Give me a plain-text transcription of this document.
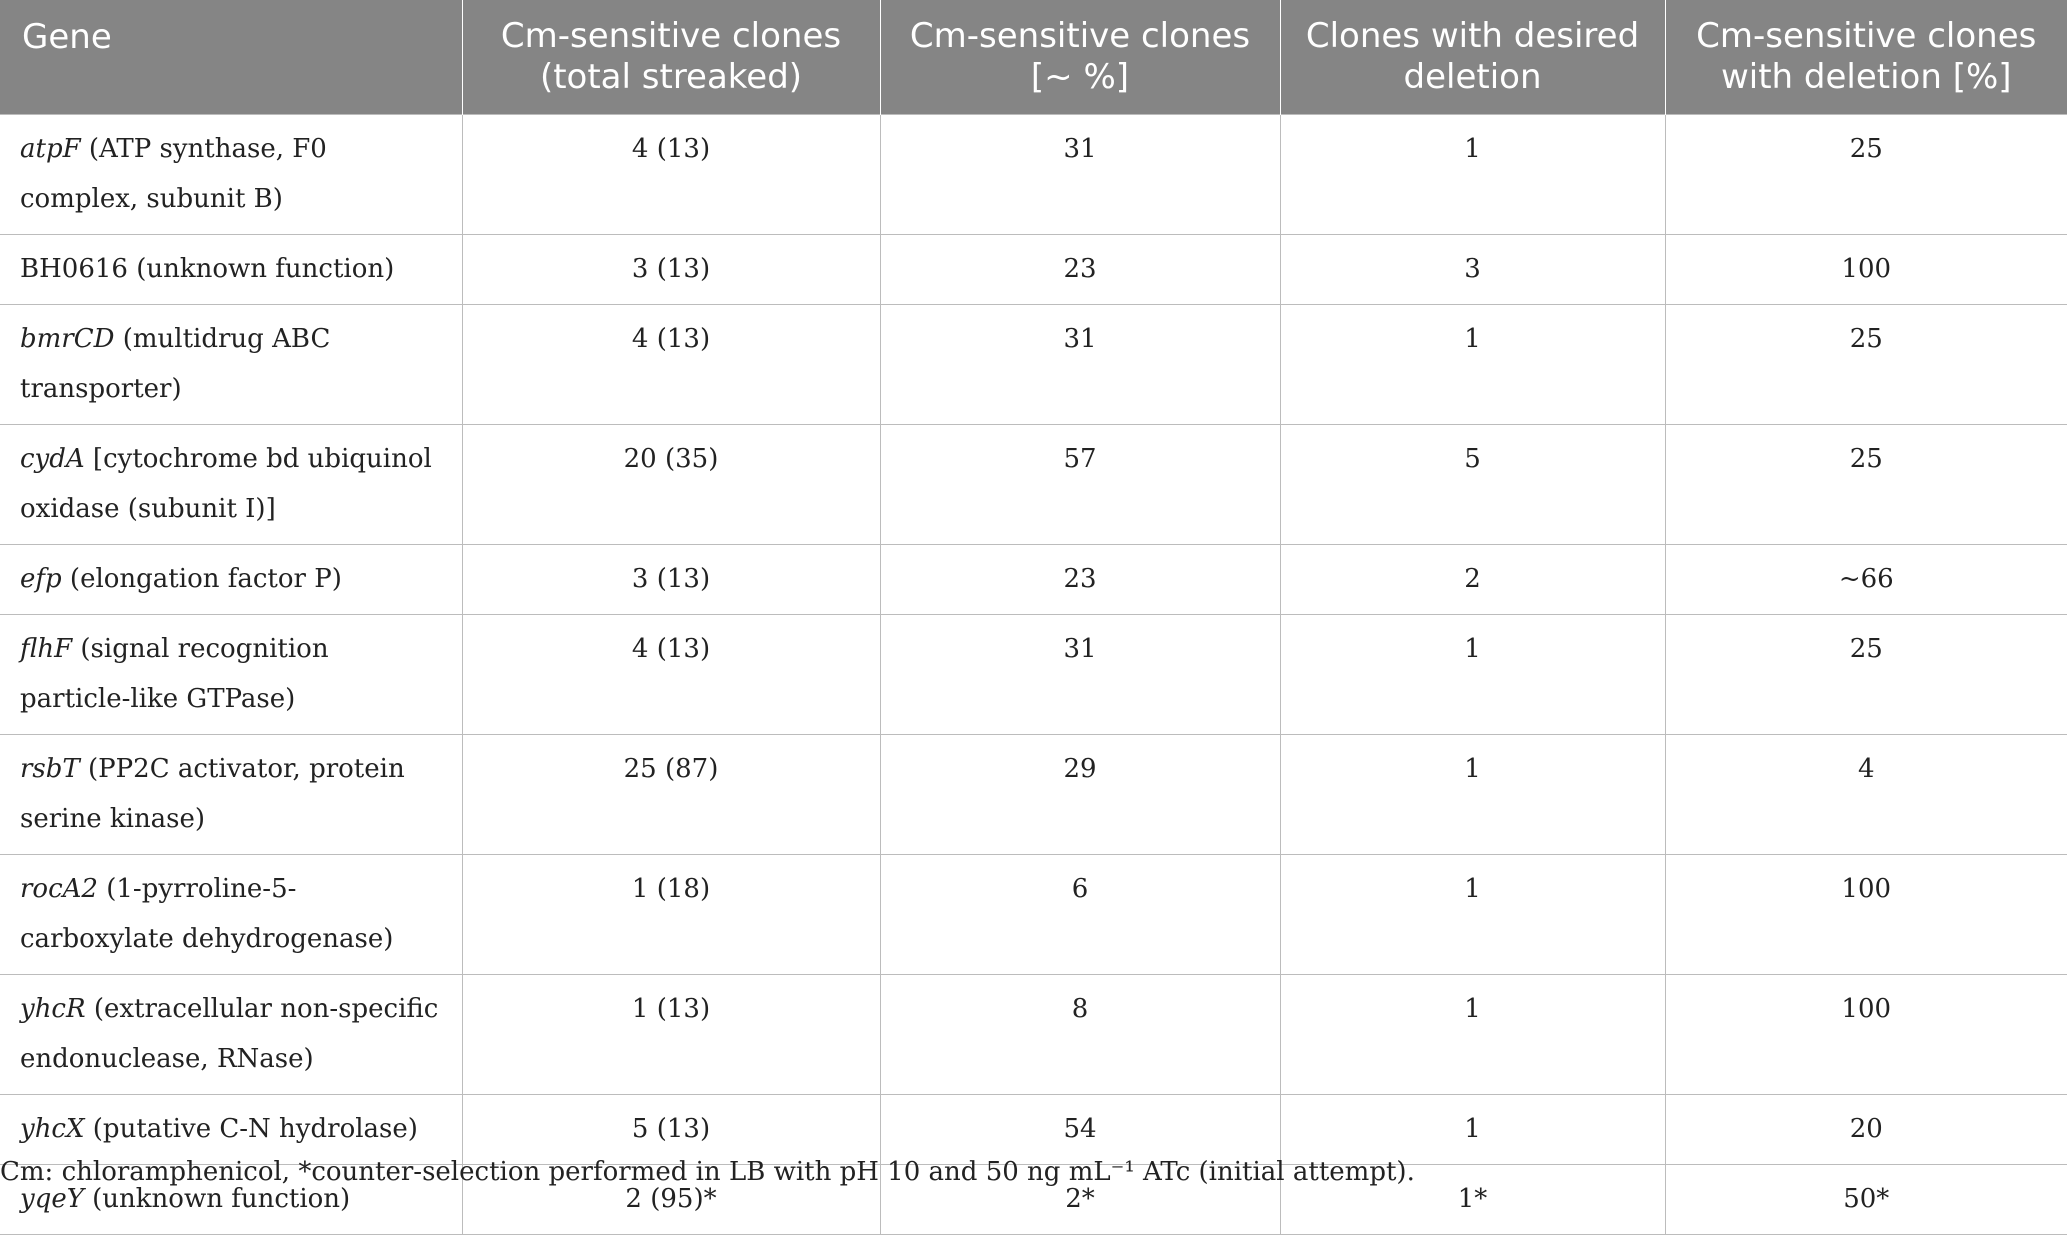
Gene	Cm-sensitive clones (total streaked)	Cm-sensitive clones [~ %]	Clones with desired deletion	Cm-sensitive clones with deletion [%]
atpF (ATP synthase, F0 complex, subunit B)	4 (13)	31	1	25
BH0616 (unknown function)	3 (13)	23	3	100
bmrCD (multidrug ABC transporter)	4 (13)	31	1	25
cydA [cytochrome bd ubiquinol oxidase (subunit I)]	20 (35)	57	5	25
efp (elongation factor P)	3 (13)	23	2	~66
flhF (signal recognition particle-like GTPase)	4 (13)	31	1	25
rsbT (PP2C activator, protein serine kinase)	25 (87)	29	1	4
rocA2 (1-pyrroline-5-carboxylate dehydrogenase)	1 (18)	6	1	100
yhcR (extracellular non-specific endonuclease, RNase)	1 (13)	8	1	100
yhcX (putative C-N hydrolase)	5 (13)	54	1	20
yqeY (unknown function)	2 (95)*	2*	1*	50*
Cm: chloramphenicol, *counter-selection performed in LB with pH 10 and 50 ng mL⁻¹ ATc (initial attempt).
